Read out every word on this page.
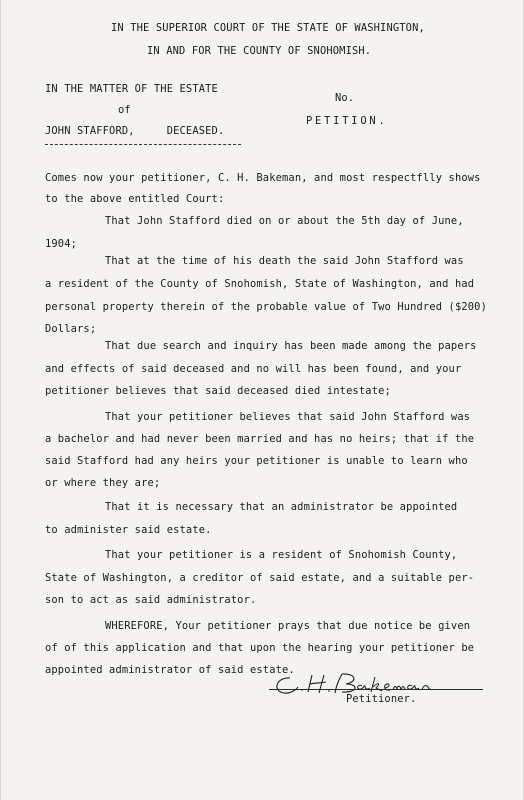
IN THE SUPERIOR COURT OF THE STATE OF WASHINGTON,
IN AND FOR THE COUNTY OF SNOHOMISH.
IN THE MATTER OF THE ESTATE
of
JOHN STAFFORD,     DECEASED.
No.
PETITION.
Comes now your petitioner, C. H. Bakeman, and most respectflly shows
to the above entitled Court:
That John Stafford died on or about the 5th day of June,
1904;
That at the time of his death the said John Stafford was
a resident of the County of Snohomish, State of Washington, and had
personal property therein of the probable value of Two Hundred ($200)
Dollars;
That due search and inquiry has been made among the papers
and effects of said deceased and no will has been found, and your
petitioner believes that said deceased died intestate;
That your petitioner believes that said John Stafford was
a bachelor and had never been married and has no heirs; that if the
said Stafford had any heirs your petitioner is unable to learn who
or where they are;
That it is necessary that an administrator be appointed
to administer said estate.
That your petitioner is a resident of Snohomish County,
State of Washington, a creditor of said estate, and a suitable per-
son to act as said administrator.
WHEREFORE, Your petitioner prays that due notice be given
of of this application and that upon the hearing your petitioner be
appointed administrator of said estate.
Petitioner.
